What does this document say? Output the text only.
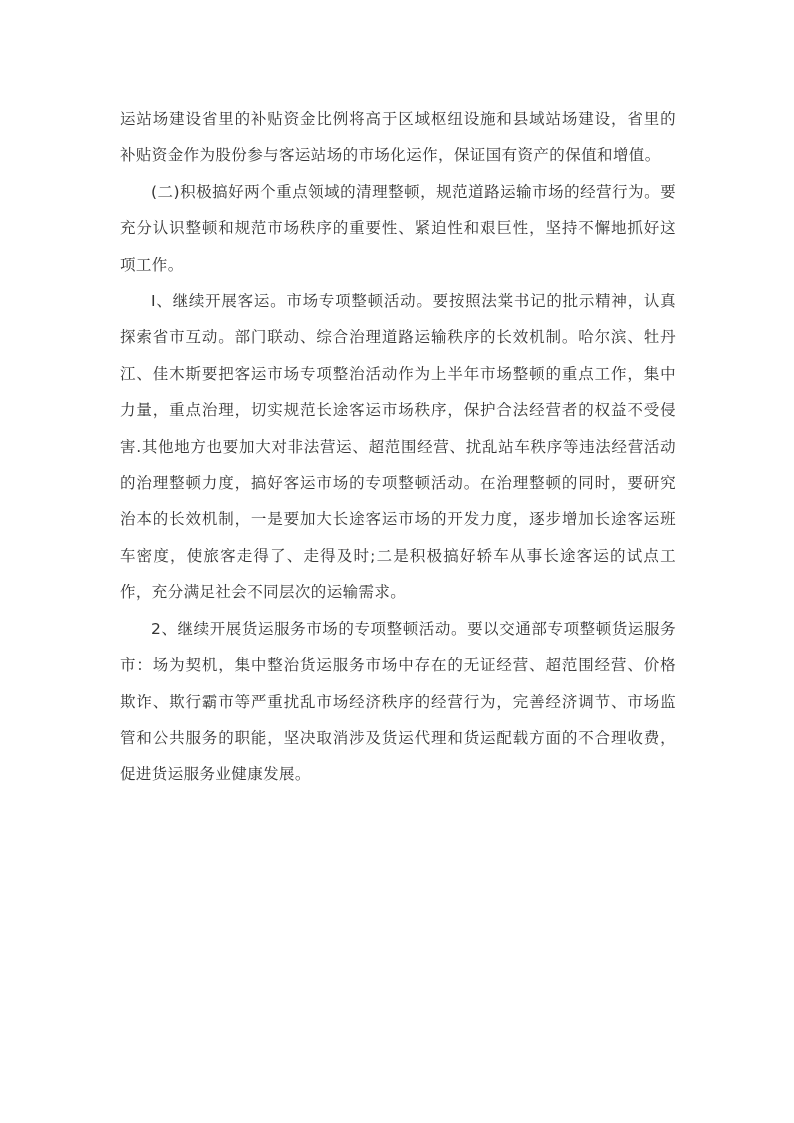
运站场建设省里的补贴资金比例将高于区域枢纽设施和县域站场建设，省里的补贴资金作为股份参与客运站场的市场化运作，保证国有资产的保值和增值。

(二)积极搞好两个重点领域的清理整顿，规范道路运输市场的经营行为。要充分认识整顿和规范市场秩序的重要性、紧迫性和艰巨性，坚持不懈地抓好这项工作。

Ⅰ、继续开展客运。市场专项整顿活动。要按照法棠书记的批示精神，认真探索省市互动。部门联动、综合治理道路运输秩序的长效机制。哈尔滨、牡丹江、佳木斯要把客运市场专项整治活动作为上半年市场整顿的重点工作，集中力量，重点治理，切实规范长途客运市场秩序，保护合法经营者的权益不受侵害.其他地方也要加大对非法营运、超范围经营、扰乱站车秩序等违法经营活动的治理整顿力度，搞好客运市场的专项整顿活动。在治理整顿的同时，要研究治本的长效机制，一是要加大长途客运市场的开发力度，逐步增加长途客运班车密度，使旅客走得了、走得及时;二是积极搞好轿车从事长途客运的试点工作，充分满足社会不同层次的运输需求。

2、继续开展货运服务市场的专项整顿活动。要以交通部专项整顿货运服务市：场为契机，集中整治货运服务市场中存在的无证经营、超范围经营、价格欺诈、欺行霸市等严重扰乱市场经济秩序的经营行为，完善经济调节、市场监管和公共服务的职能，坚决取消涉及货运代理和货运配载方面的不合理收费，促进货运服务业健康发展。
